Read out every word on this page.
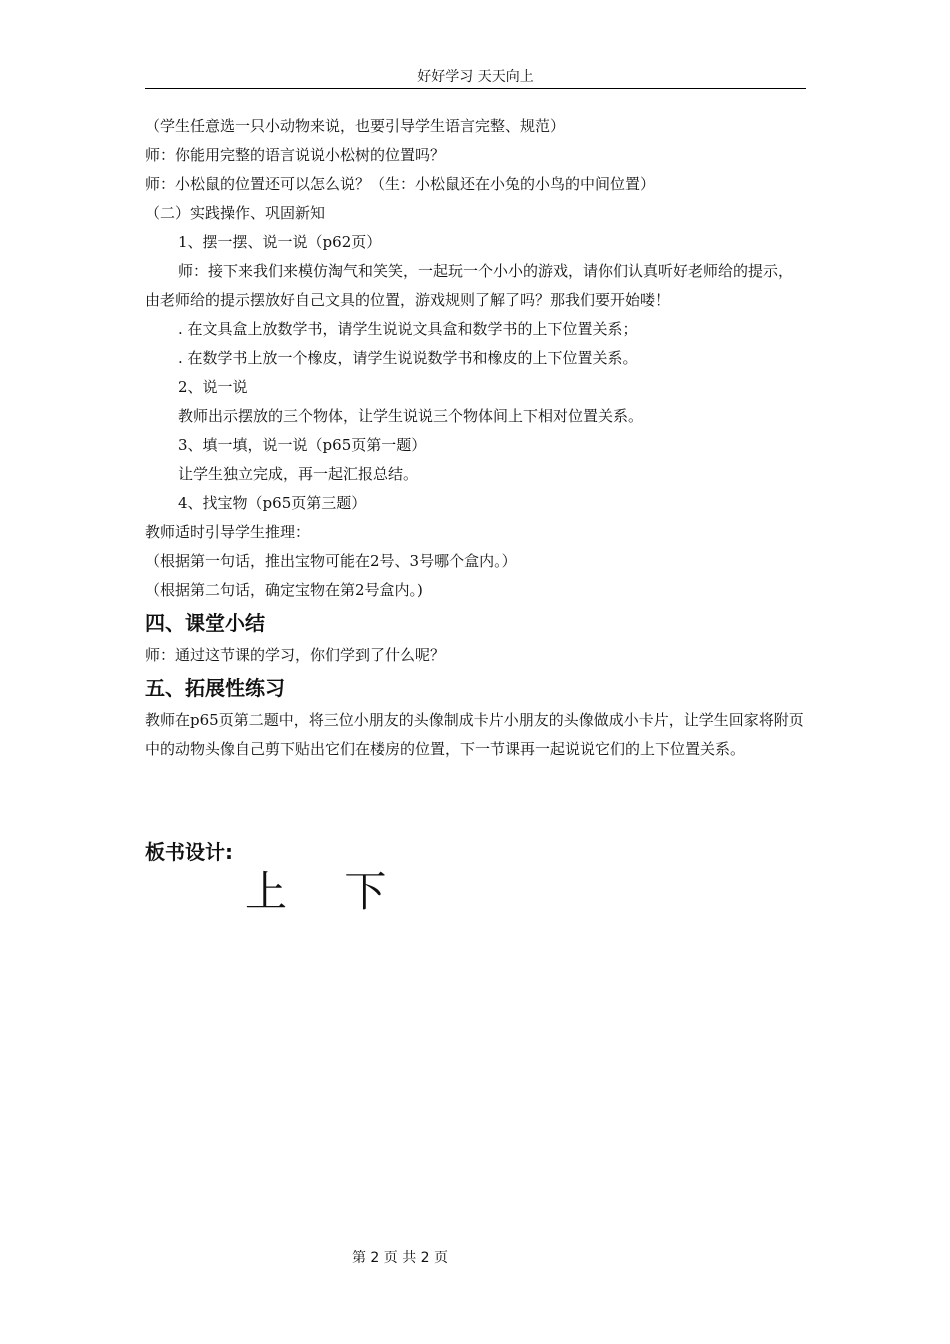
好好学习 天天向上

（学生任意选一只小动物来说，也要引导学生语言完整、规范）

师：你能用完整的语言说说小松树的位置吗？

师：小松鼠的位置还可以怎么说？（生：小松鼠还在小兔的小鸟的中间位置）

（二）实践操作、巩固新知

1、摆一摆、说一说（p62页）

师：接下来我们来模仿淘气和笑笑，一起玩一个小小的游戏，请你们认真听好老师给的提示，由老师给的提示摆放好自己文具的位置，游戏规则了解了吗？那我们要开始喽！

. 在文具盒上放数学书，请学生说说文具盒和数学书的上下位置关系；

. 在数学书上放一个橡皮，请学生说说数学书和橡皮的上下位置关系。

2、说一说

教师出示摆放的三个物体，让学生说说三个物体间上下相对位置关系。

3、填一填，说一说（p65页第一题）

让学生独立完成，再一起汇报总结。

4、找宝物（p65页第三题）

教师适时引导学生推理：

（根据第一句话，推出宝物可能在2号、3号哪个盒内。）

（根据第二句话，确定宝物在第2号盒内。)

四、课堂小结

师：通过这节课的学习，你们学到了什么呢？

五、拓展性练习

教师在p65页第二题中，将三位小朋友的头像制成卡片小朋友的头像做成小卡片，让学生回家将附页中的动物头像自己剪下贴出它们在楼房的位置，下一节课再一起说说它们的上下位置关系。

板书设计:
上 下
第 2 页 共 2 页
